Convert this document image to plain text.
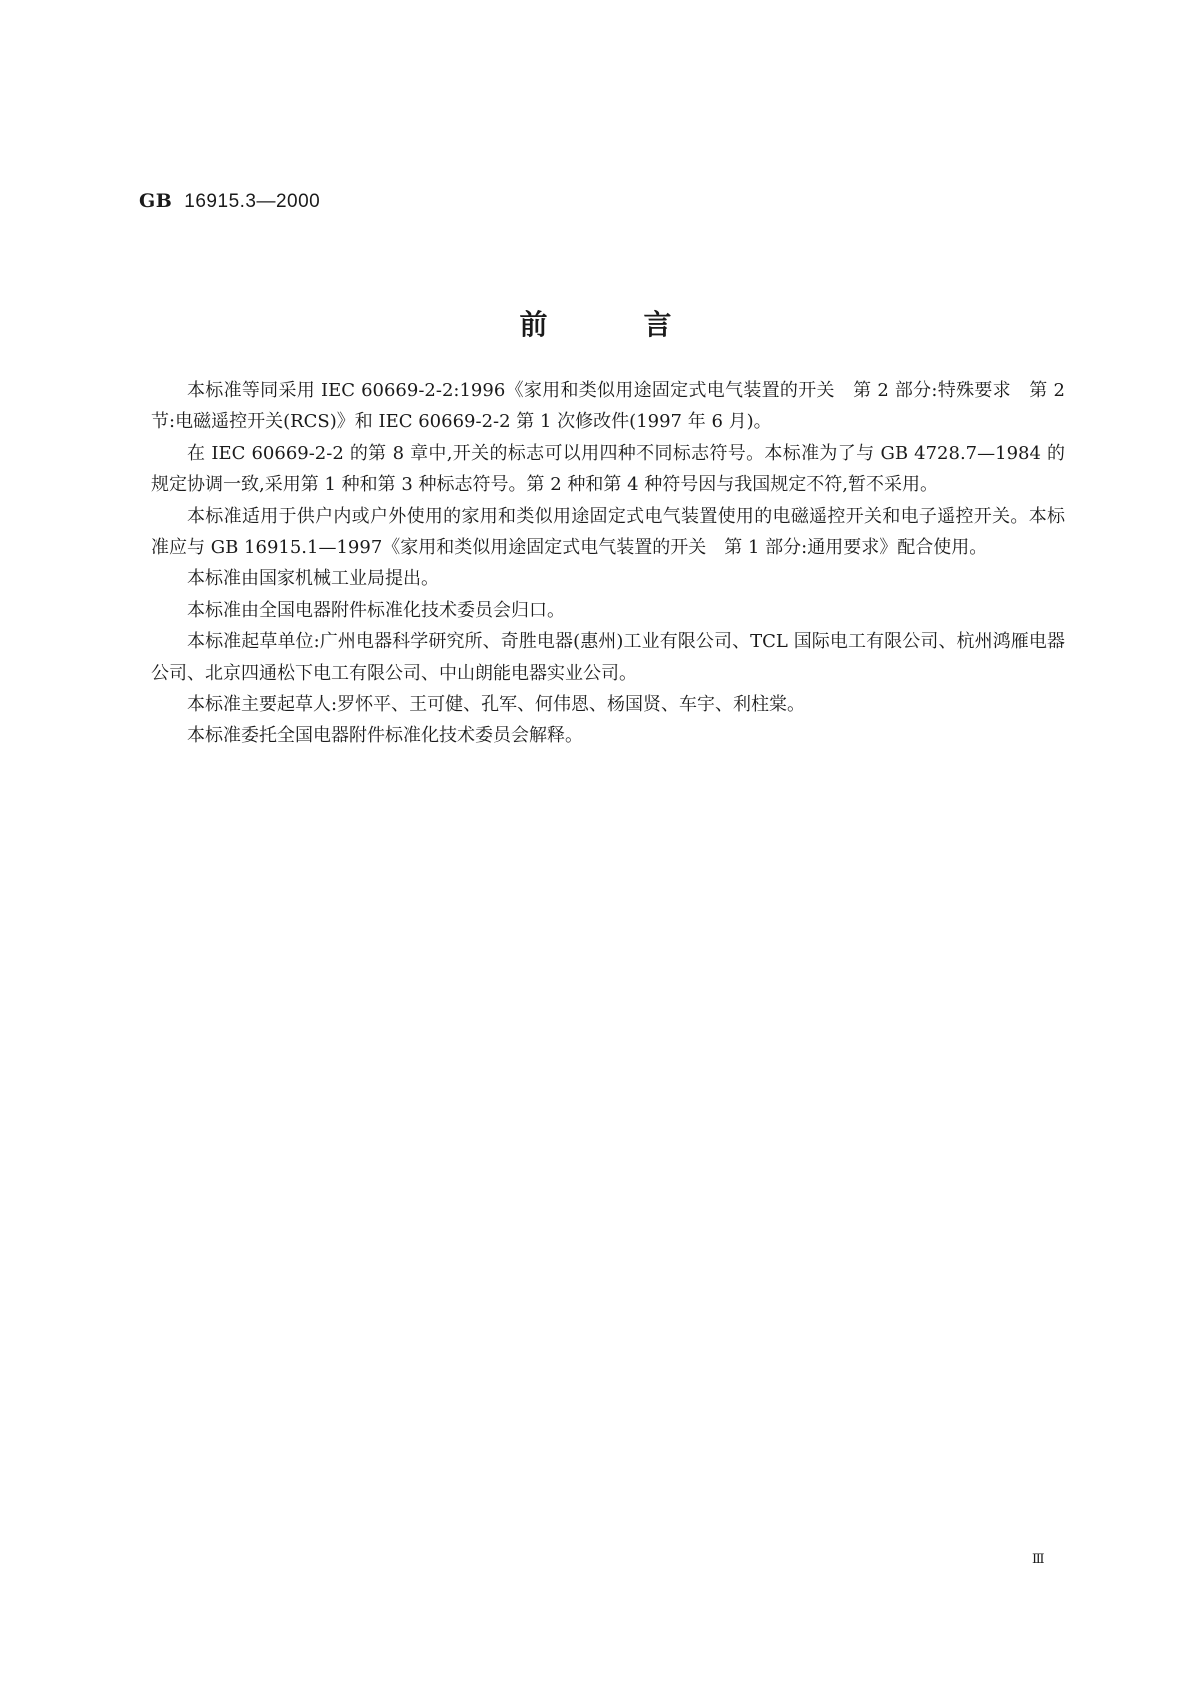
GB 16915.3—2000
前	言

本标准等同采用 IEC 60669-2-2:1996《家用和类似用途固定式电气装置的开关　第 2 部分:特殊要求　第 2 节:电磁遥控开关(RCS)》和 IEC 60669-2-2 第 1 次修改件(1997 年 6 月)。

在 IEC 60669-2-2 的第 8 章中,开关的标志可以用四种不同标志符号。本标准为了与 GB 4728.7—1984 的规定协调一致,采用第 1 种和第 3 种标志符号。第 2 种和第 4 种符号因与我国规定不符,暂不采用。

本标准适用于供户内或户外使用的家用和类似用途固定式电气装置使用的电磁遥控开关和电子遥控开关。本标准应与 GB 16915.1—1997《家用和类似用途固定式电气装置的开关　第 1 部分:通用要求》配合使用。

本标准由国家机械工业局提出。

本标准由全国电器附件标准化技术委员会归口。

本标准起草单位:广州电器科学研究所、奇胜电器(惠州)工业有限公司、TCL 国际电工有限公司、杭州鸿雁电器公司、北京四通松下电工有限公司、中山朗能电器实业公司。

本标准主要起草人:罗怀平、王可健、孔军、何伟恩、杨国贤、车宇、利柱棠。

本标准委托全国电器附件标准化技术委员会解释。

Ⅲ
